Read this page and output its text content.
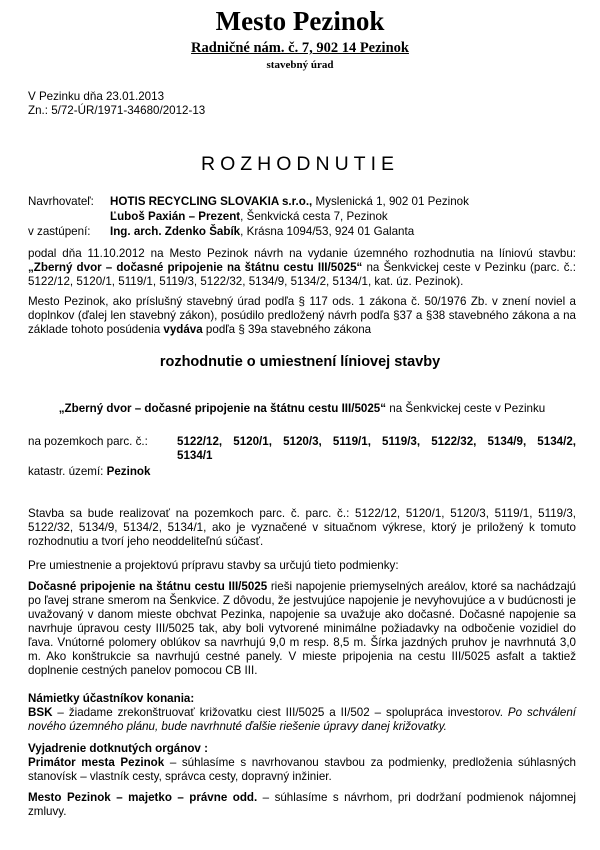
Mesto Pezinok
Radničné nám. č. 7, 902 14 Pezinok
stavebný úrad
V Pezinku dňa 23.01.2013
Zn.: 5/72-ÚR/1971-34680/2012-13
ROZHODNUTIE
Navrhovateľ: HOTIS RECYCLING SLOVAKIA s.r.o., Myslenická 1, 902 01 Pezinok
Ľuboš Paxián – Prezent, Šenkvická cesta 7, Pezinok
v zastúpení: Ing. arch. Zdenko Šabík, Krásna 1094/53, 924 01 Galanta
podal dňa 11.10.2012 na Mesto Pezinok návrh na vydanie územného rozhodnutia na líniovú stavbu: „Zberný dvor – dočasné pripojenie na štátnu cestu III/5025“ na Šenkvickej ceste v Pezinku (parc. č.: 5122/12, 5120/1, 5119/1, 5119/3, 5122/32, 5134/9, 5134/2, 5134/1, kat. úz. Pezinok).
Mesto Pezinok, ako príslušný stavebný úrad podľa § 117 ods. 1 zákona č. 50/1976 Zb. v znení noviel a doplnkov (ďalej len stavebný zákon), posúdilo predložený návrh podľa §37 a §38 stavebného zákona a na základe tohoto posúdenia vydáva podľa § 39a stavebného zákona
rozhodnutie o umiestnení líniovej stavby
„Zberný dvor – dočasné pripojenie na štátnu cestu III/5025“ na Šenkvickej ceste v Pezinku
na pozemkoch parc. č.:	5122/12, 5120/1, 5120/3, 5119/1, 5119/3, 5122/32, 5134/9, 5134/2, 5134/1
katastr. území: Pezinok
Stavba sa bude realizovať na pozemkoch parc. č. parc. č.: 5122/12, 5120/1, 5120/3, 5119/1, 5119/3, 5122/32, 5134/9, 5134/2, 5134/1, ako je vyznačené v situačnom výkrese, ktorý je priložený k tomuto rozhodnutiu a tvorí jeho neoddeliteľnú súčasť.
Pre umiestnenie a projektovú prípravu stavby sa určujú tieto podmienky:
Dočasné pripojenie na štátnu cestu III/5025 rieši napojenie priemyselných areálov, ktoré sa nachádzajú po ľavej strane smerom na Šenkvice. Z dôvodu, že jestvujúce napojenie je nevyhovujúce a v budúcnosti je uvažovaný v danom mieste obchvat Pezinka, napojenie sa uvažuje ako dočasné. Dočasné napojenie sa navrhuje úpravou cesty III/5025 tak, aby boli vytvorené minimálne požiadavky na odbočenie vozidiel do ľava. Vnútorné polomery oblúkov sa navrhujú 9,0 m resp. 8,5 m. Šírka jazdných pruhov je navrhnutá 3,0 m. Ako konštrukcie sa navrhujú cestné panely. V mieste pripojenia na cestu III/5025 asfalt a taktiež doplnenie cestných panelov pomocou CB III.
Námietky účastníkov konania:
BSK – žiadame zrekonštruovať križovatku ciest III/5025 a II/502 – spolupráca investorov. Po schválení nového územného plánu, bude navrhnuté ďalšie riešenie úpravy danej križovatky.
Vyjadrenie dotknutých orgánov :
Primátor mesta Pezinok – súhlasíme s navrhovanou stavbou za podmienky, predloženia súhlasných stanovísk – vlastník cesty, správca cesty, dopravný inžinier.
Mesto Pezinok – majetko – právne odd. – súhlasíme s návrhom, pri dodržaní podmienok nájomnej zmluvy.
